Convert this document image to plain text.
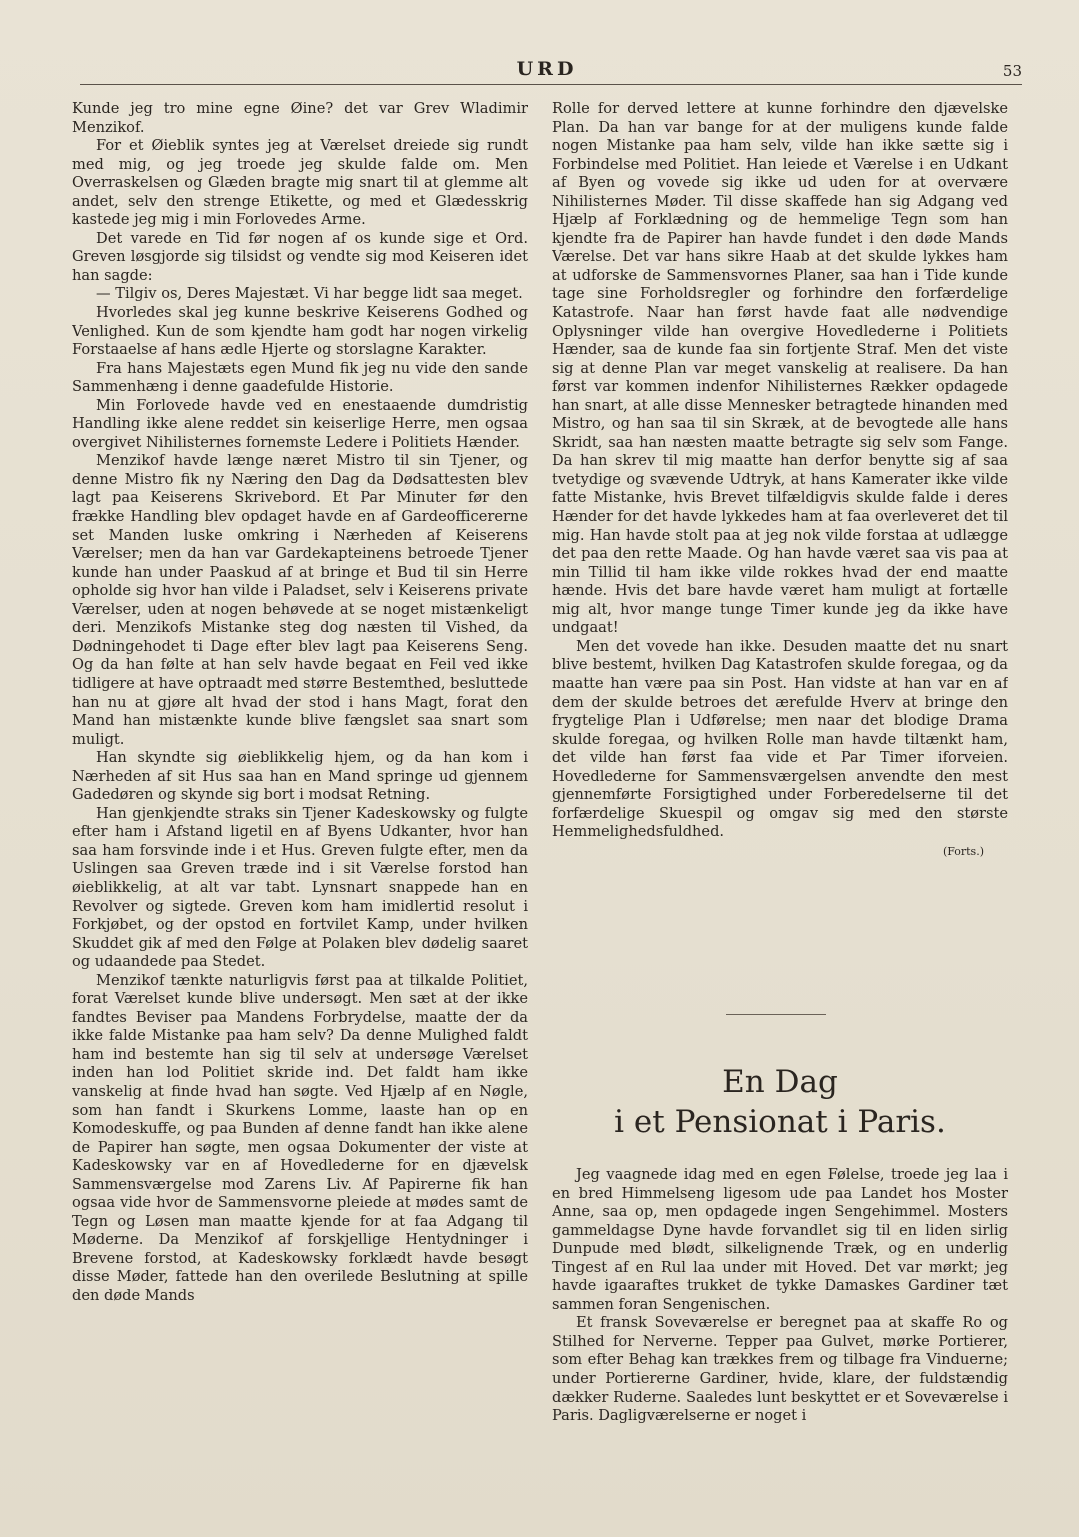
URD	53

Kunde jeg tro mine egne Øine? det var Grev Wladimir Menzikof.

For et Øieblik syntes jeg at Værelset dreiede sig rundt med mig, og jeg troede jeg skulde falde om. Men Overraskelsen og Glæden bragte mig snart til at glemme alt andet, selv den strenge Etikette, og med et Glædesskrig kastede jeg mig i min Forlovedes Arme.

Det varede en Tid før nogen af os kunde sige et Ord. Greven løsgjorde sig tilsidst og vendte sig mod Keiseren idet han sagde:

— Tilgiv os, Deres Majestæt. Vi har begge lidt saa meget.

Hvorledes skal jeg kunne beskrive Keiserens Godhed og Venlighed. Kun de som kjendte ham godt har nogen virkelig Forstaaelse af hans ædle Hjerte og storslagne Karakter.

Fra hans Majestæts egen Mund fik jeg nu vide den sande Sammenhæng i denne gaadefulde Historie.

Min Forlovede havde ved en enestaaende dumdristig Handling ikke alene reddet sin keiserlige Herre, men ogsaa overgivet Nihilisternes fornemste Ledere i Politiets Hænder.

Menzikof havde længe næret Mistro til sin Tjener, og denne Mistro fik ny Næring den Dag da Dødsattesten blev lagt paa Keiserens Skrivebord. Et Par Minuter før den frække Handling blev opdaget havde en af Gardeofficererne set Manden luske omkring i Nærheden af Keiserens Værelser; men da han var Gardekapteinens betroede Tjener kunde han under Paaskud af at bringe et Bud til sin Herre opholde sig hvor han vilde i Paladset, selv i Keiserens private Værelser, uden at nogen behøvede at se noget mistænkeligt deri. Menzikofs Mistanke steg dog næsten til Vished, da Dødningehodet ti Dage efter blev lagt paa Keiserens Seng. Og da han følte at han selv havde begaat en Feil ved ikke tidligere at have optraadt med større Bestemthed, besluttede han nu at gjøre alt hvad der stod i hans Magt, forat den Mand han mistænkte kunde blive fængslet saa snart som muligt.

Han skyndte sig øieblikkelig hjem, og da han kom i Nærheden af sit Hus saa han en Mand springe ud gjennem Gadedøren og skynde sig bort i modsat Retning.

Han gjenkjendte straks sin Tjener Kadeskowsky og fulgte efter ham i Afstand ligetil en af Byens Udkanter, hvor han saa ham forsvinde inde i et Hus. Greven fulgte efter, men da Uslingen saa Greven træde ind i sit Værelse forstod han øieblikkelig, at alt var tabt. Lynsnart snappede han en Revolver og sigtede. Greven kom ham imidlertid resolut i Forkjøbet, og der opstod en fortvilet Kamp, under hvilken Skuddet gik af med den Følge at Polaken blev dødelig saaret og udaandede paa Stedet.

Menzikof tænkte naturligvis først paa at tilkalde Politiet, forat Værelset kunde blive undersøgt. Men sæt at der ikke fandtes Beviser paa Mandens Forbrydelse, maatte der da ikke falde Mistanke paa ham selv? Da denne Mulighed faldt ham ind bestemte han sig til selv at undersøge Værelset inden han lod Politiet skride ind. Det faldt ham ikke vanskelig at finde hvad han søgte. Ved Hjælp af en Nøgle, som han fandt i Skurkens Lomme, laaste han op en Komodeskuffe, og paa Bunden af denne fandt han ikke alene de Papirer han søgte, men ogsaa Dokumenter der viste at Kadeskowsky var en af Hovedlederne for en djævelsk Sammensværgelse mod Zarens Liv. Af Papirerne fik han ogsaa vide hvor de Sammensvorne pleiede at mødes samt de Tegn og Løsen man maatte kjende for at faa Adgang til Møderne. Da Menzikof af forskjellige Hentydninger i Brevene forstod, at Kadeskowsky forklædt havde besøgt disse Møder, fattede han den overilede Beslutning at spille den døde Mands

Rolle for derved lettere at kunne forhindre den djævelske Plan. Da han var bange for at der muligens kunde falde nogen Mistanke paa ham selv, vilde han ikke sætte sig i Forbindelse med Politiet. Han leiede et Værelse i en Udkant af Byen og vovede sig ikke ud uden for at overvære Nihilisternes Møder. Til disse skaffede han sig Adgang ved Hjælp af Forklædning og de hemmelige Tegn som han kjendte fra de Papirer han havde fundet i den døde Mands Værelse. Det var hans sikre Haab at det skulde lykkes ham at udforske de Sammensvornes Planer, saa han i Tide kunde tage sine Forholdsregler og forhindre den forfærdelige Katastrofe. Naar han først havde faat alle nødvendige Oplysninger vilde han overgive Hovedlederne i Politiets Hænder, saa de kunde faa sin fortjente Straf. Men det viste sig at denne Plan var meget vanskelig at realisere. Da han først var kommen indenfor Nihilisternes Rækker opdagede han snart, at alle disse Mennesker betragtede hinanden med Mistro, og han saa til sin Skræk, at de bevogtede alle hans Skridt, saa han næsten maatte betragte sig selv som Fange. Da han skrev til mig maatte han derfor benytte sig af saa tvetydige og svævende Udtryk, at hans Kamerater ikke vilde fatte Mistanke, hvis Brevet tilfældigvis skulde falde i deres Hænder for det havde lykkedes ham at faa overleveret det til mig. Han havde stolt paa at jeg nok vilde forstaa at udlægge det paa den rette Maade. Og han havde været saa vis paa at min Tillid til ham ikke vilde rokkes hvad der end maatte hænde. Hvis det bare havde været ham muligt at fortælle mig alt, hvor mange tunge Timer kunde jeg da ikke have undgaat!

Men det vovede han ikke. Desuden maatte det nu snart blive bestemt, hvilken Dag Katastrofen skulde foregaa, og da maatte han være paa sin Post. Han vidste at han var en af dem der skulde betroes det ærefulde Hverv at bringe den frygtelige Plan i Udførelse; men naar det blodige Drama skulde foregaa, og hvilken Rolle man havde tiltænkt ham, det vilde han først faa vide et Par Timer iforveien. Hovedlederne for Sammensværgelsen anvendte den mest gjennemførte Forsigtighed under Forberedelserne til det forfærdelige Skuespil og omgav sig med den største Hemmelighedsfuldhed.

(Forts.)
En Dag
i et Pensionat i Paris.

Jeg vaagnede idag med en egen Følelse, troede jeg laa i en bred Himmelseng ligesom ude paa Landet hos Moster Anne, saa op, men opdagede ingen Sengehimmel. Mosters gammeldagse Dyne havde forvandlet sig til en liden sirlig Dunpude med blødt, silkelignende Træk, og en underlig Tingest af en Rul laa under mit Hoved. Det var mørkt; jeg havde igaaraftes trukket de tykke Damaskes Gardiner tæt sammen foran Sengenischen.

Et fransk Soveværelse er beregnet paa at skaffe Ro og Stilhed for Nerverne. Tepper paa Gulvet, mørke Portierer, som efter Behag kan trækkes frem og tilbage fra Vinduerne; under Portiererne Gardiner, hvide, klare, der fuldstændig dækker Ruderne. Saaledes lunt beskyttet er et Soveværelse i Paris. Dagligværelserne er noget i
